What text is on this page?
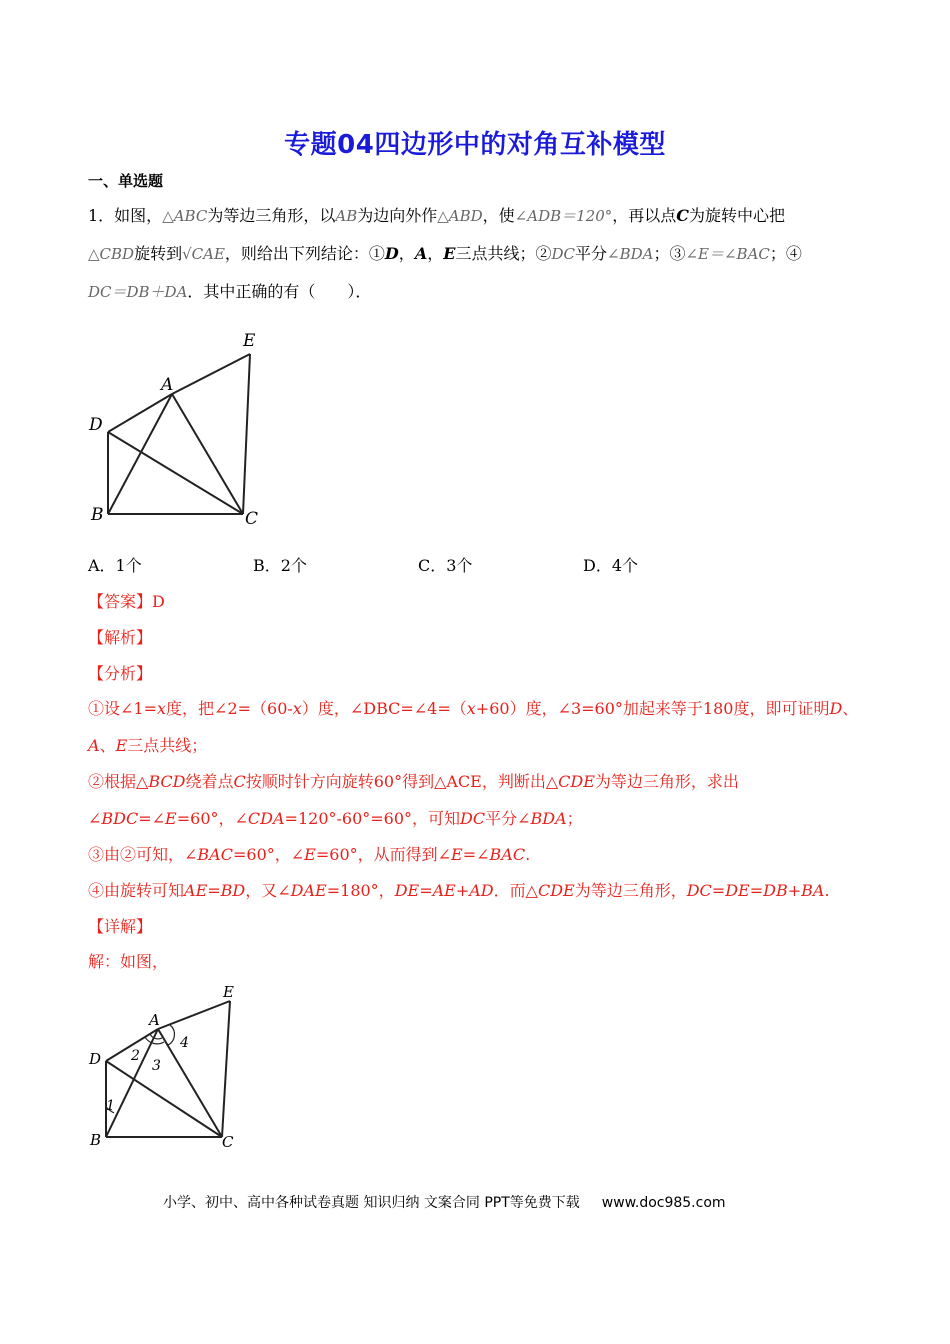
专题04四边形中的对角互补模型
一、单选题
1．如图，△ABC为等边三角形，以AB为边向外作△ABD，使∠ADB＝120°，再以点C为旋转中心把
△CBD旋转到√CAE，则给出下列结论：①D，A，E三点共线；②DC平分∠BDA；③∠E＝∠BAC；④
DC＝DB＋DA．其中正确的有（　　）．
E
A
D
B	C
A．1个	B．2个	C．3个	D．4个
【答案】D
【解析】
【分析】
①设∠1=x度，把∠2=（60-x）度，∠DBC=∠4=（x+60）度，∠3=60°加起来等于180度，即可证明D、
A、E三点共线；
②根据△BCD绕着点C按顺时针方向旋转60°得到△ACE，判断出△CDE为等边三角形，求出
∠BDC=∠E=60°，∠CDA=120°-60°=60°，可知DC平分∠BDA；
③由②可知，∠BAC=60°，∠E=60°，从而得到∠E=∠BAC.
④由旋转可知AE=BD，又∠DAE=180°，DE=AE+AD．而△CDE为等边三角形，DC=DE=DB+BA.
【详解】
解：如图，
E
A
D
B	C
1
2
3
4
小学、初中、高中各种试卷真题 知识归纳 文案合同 PPT等免费下载 www.doc985.com
